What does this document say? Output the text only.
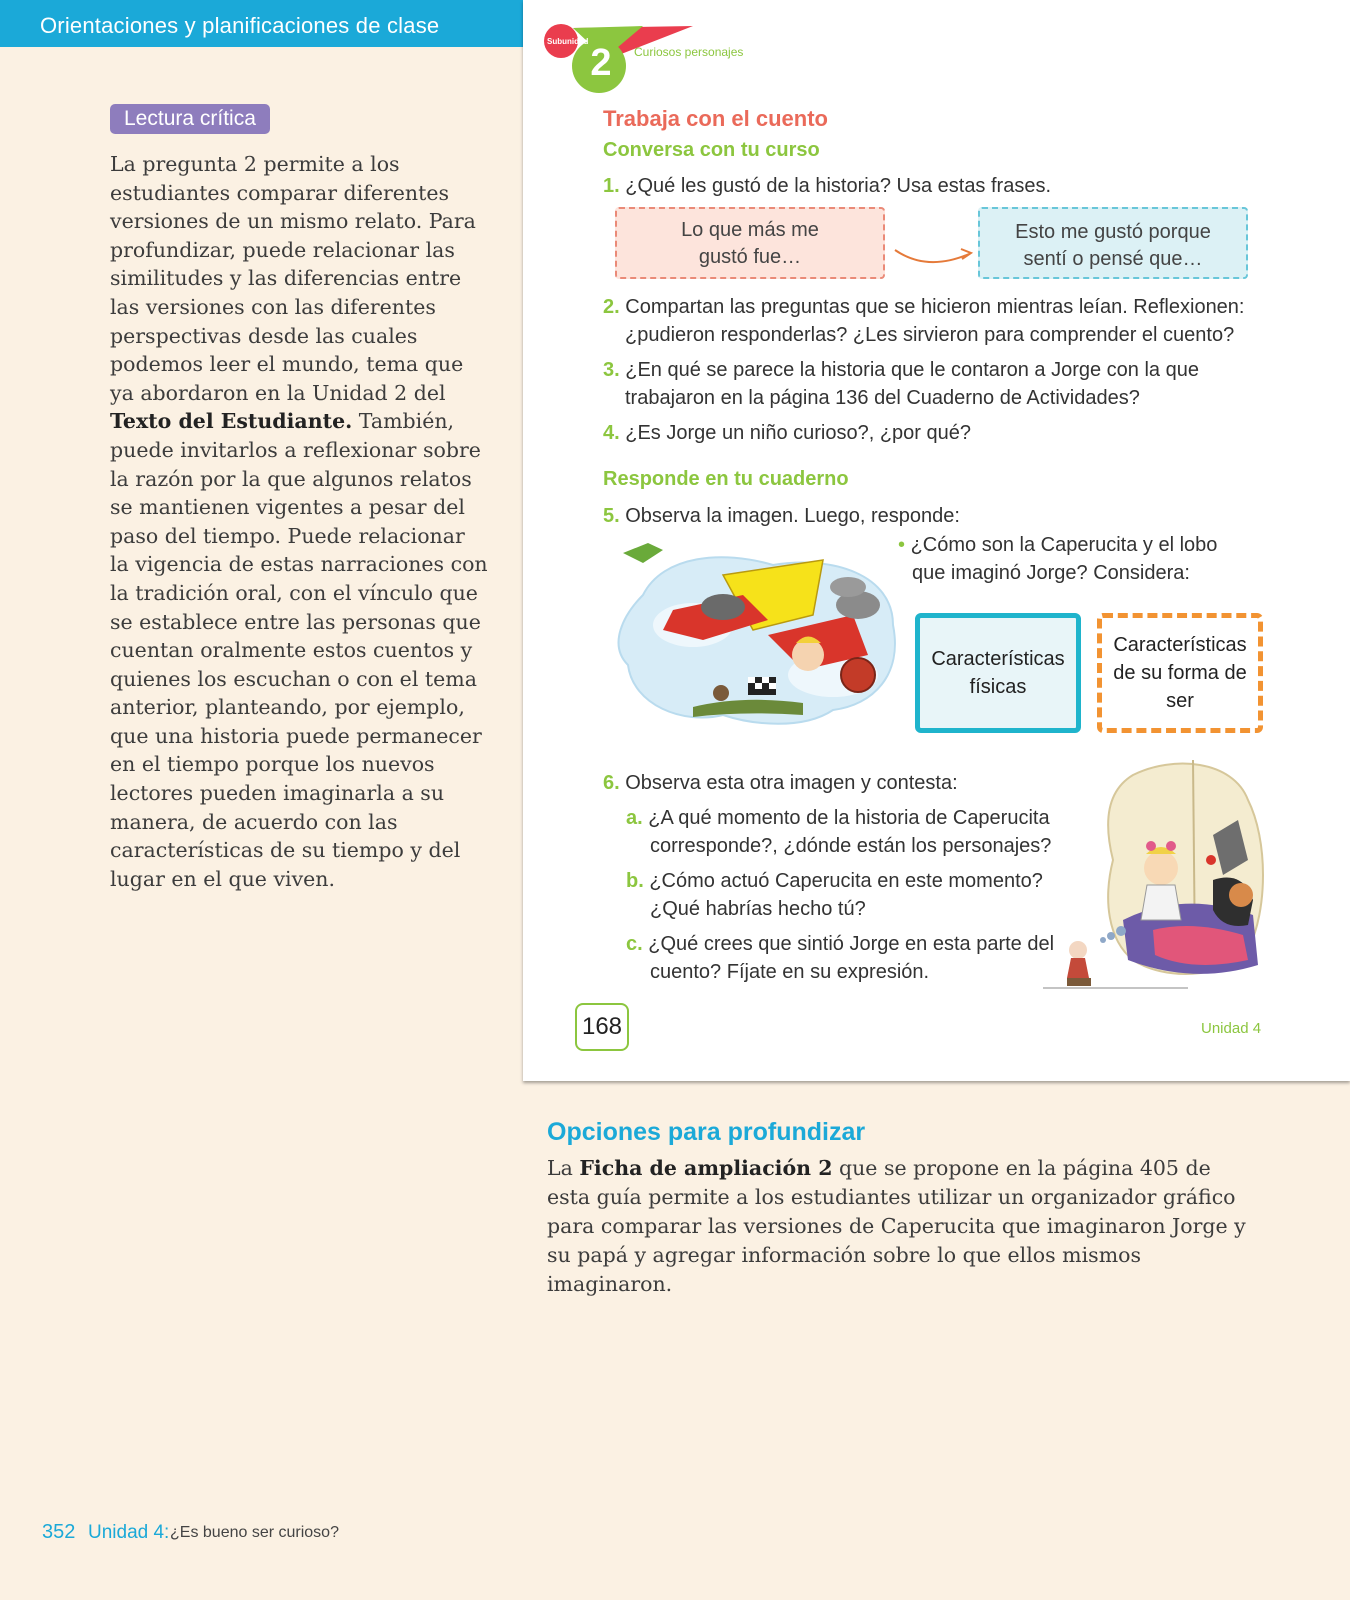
Orientaciones y planificaciones de clase
Lectura crítica
La pregunta 2 permite a los estudiantes comparar diferentes versiones de un mismo relato. Para profundizar, puede relacionar las similitudes y las diferencias entre las versiones con las diferentes perspectivas desde las cuales podemos leer el mundo, tema que ya abordaron en la Unidad 2 del Texto del Estudiante. También, puede invitarlos a reflexionar sobre la razón por la que algunos relatos se mantienen vigentes a pesar del paso del tiempo. Puede relacionar la vigencia de estas narraciones con la tradición oral, con el vínculo que se establece entre las personas que cuentan oralmente estos cuentos y quienes los escuchan o con el tema anterior, planteando, por ejemplo, que una historia puede permanecer en el tiempo porque los nuevos lectores pueden imaginarla a su manera, de acuerdo con las características de su tiempo y del lugar en el que viven.
Subunidad
2	Curiosos personajes
Trabaja con el cuento
Conversa con tu curso
1. ¿Qué les gustó de la historia? Usa estas frases.
Lo que más me gustó fue…
Esto me gustó porque sentí o pensé que…
2. Compartan las preguntas que se hicieron mientras leían. Reflexionen: ¿pudieron responderlas? ¿Les sirvieron para comprender el cuento?
3. ¿En qué se parece la historia que le contaron a Jorge con la que trabajaron en la página 136 del Cuaderno de Actividades?
4. ¿Es Jorge un niño curioso?, ¿por qué?
Responde en tu cuaderno
5. Observa la imagen. Luego, responde:
• ¿Cómo son la Caperucita y el lobo que imaginó Jorge? Considera:
Características físicas
Características de su forma de ser
6. Observa esta otra imagen y contesta:
a. ¿A qué momento de la historia de Caperucita corresponde?, ¿dónde están los personajes?
b. ¿Cómo actuó Caperucita en este momento? ¿Qué habrías hecho tú?
c. ¿Qué crees que sintió Jorge en esta parte del cuento? Fíjate en su expresión.
168	Unidad 4
Opciones para profundizar
La Ficha de ampliación 2 que se propone en la página 405 de esta guía permite a los estudiantes utilizar un organizador gráfico para comparar las versiones de Caperucita que imaginaron Jorge y su papá y agregar información sobre lo que ellos mismos imaginaron.
352 Unidad 4: ¿Es bueno ser curioso?
